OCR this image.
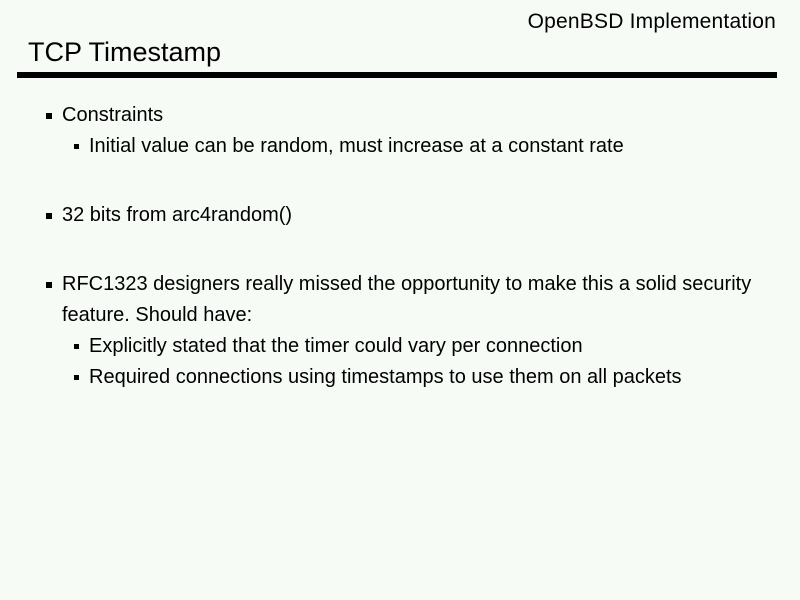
OpenBSD Implementation
TCP Timestamp
Constraints
Initial value can be random, must increase at a constant rate
32 bits from arc4random()
RFC1323 designers really missed the opportunity to make this a solid security feature. Should have:
Explicitly stated that the timer could vary per connection
Required connections using timestamps to use them on all packets
